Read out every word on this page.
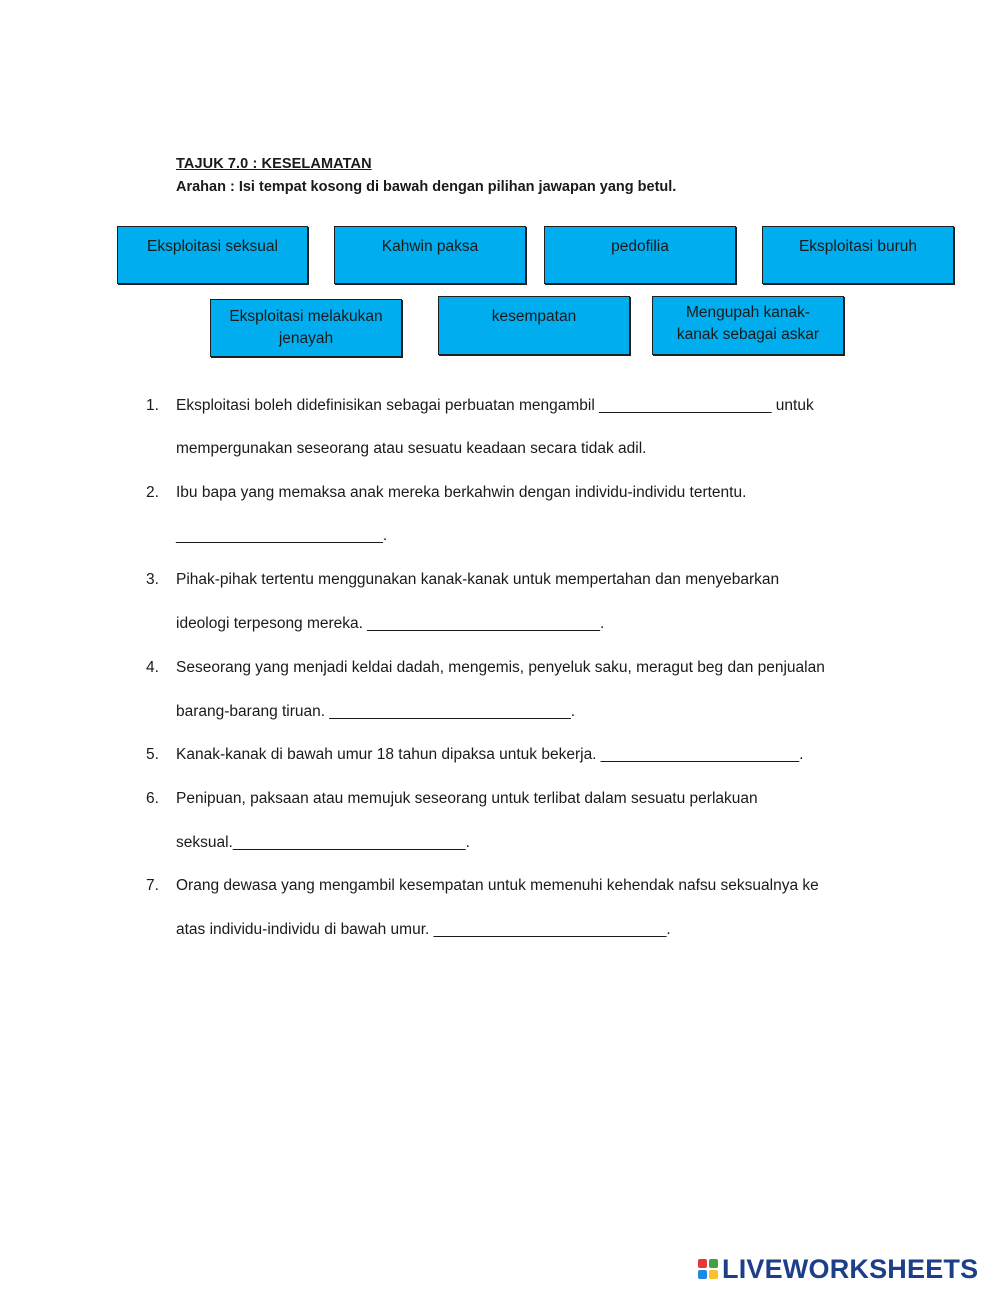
TAJUK 7.0 : KESELAMATAN
Arahan : Isi tempat kosong di bawah dengan pilihan jawapan yang betul.
Eksploitasi seksual	Kahwin paksa	pedofilia	Eksploitasi buruh
Eksploitasi melakukan
jenayah
kesempatan	Mengupah kanak-
kanak sebagai askar
1. Eksploitasi boleh didefinisikan sebagai perbuatan mengambil ____________________ untuk
mempergunakan seseorang atau sesuatu keadaan secara tidak adil.
2. Ibu bapa yang memaksa anak mereka berkahwin dengan individu-individu tertentu.
________________________.
3. Pihak-pihak tertentu menggunakan kanak-kanak untuk mempertahan dan menyebarkan
ideologi terpesong mereka. ___________________________.
4. Seseorang yang menjadi keldai dadah, mengemis, penyeluk saku, meragut beg dan penjualan
barang-barang tiruan. ____________________________.
5. Kanak-kanak di bawah umur 18 tahun dipaksa untuk bekerja. _______________________.
6. Penipuan, paksaan atau memujuk seseorang untuk terlibat dalam sesuatu perlakuan
seksual.___________________________.
7. Orang dewasa yang mengambil kesempatan untuk memenuhi kehendak nafsu seksualnya ke
atas individu-individu di bawah umur. ___________________________.
LIVEWORKSHEETS
